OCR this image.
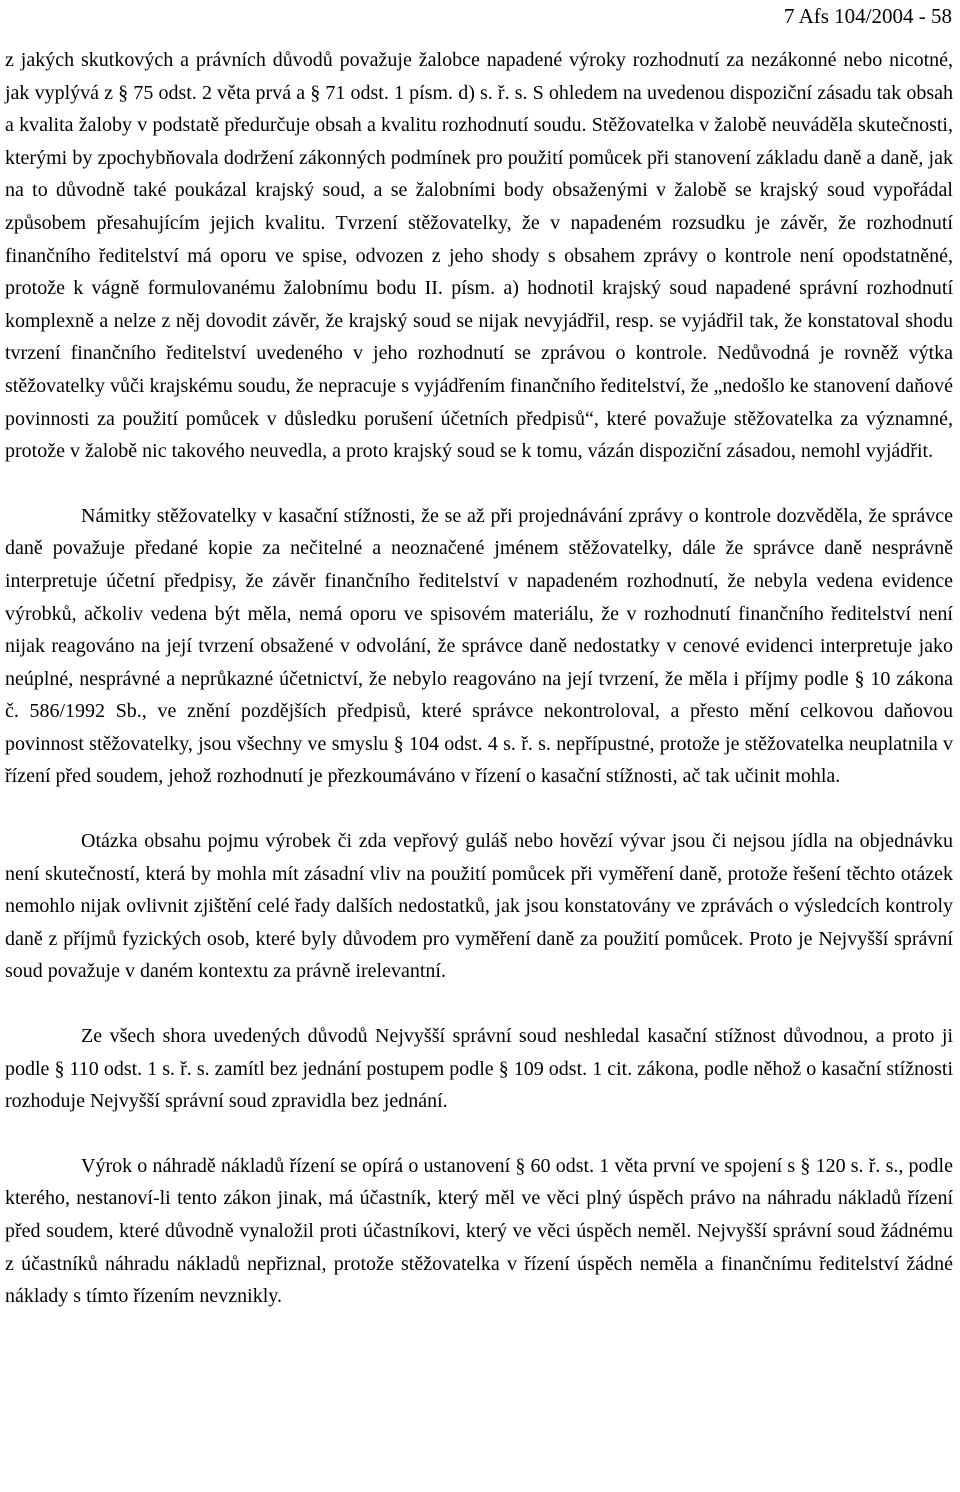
7 Afs 104/2004 - 58

z jakých skutkových a právních důvodů považuje žalobce napadené výroky rozhodnutí za nezákonné nebo nicotné, jak vyplývá z § 75 odst. 2 věta prvá a § 71 odst. 1 písm. d) s. ř. s. S ohledem na uvedenou dispoziční zásadu tak obsah a kvalita žaloby v podstatě předurčuje obsah a kvalitu rozhodnutí soudu. Stěžovatelka v žalobě neuváděla skutečnosti, kterými by zpochybňovala dodržení zákonných podmínek pro použití pomůcek při stanovení základu daně a daně, jak na to důvodně také poukázal krajský soud, a se žalobními body obsaženými v žalobě se krajský soud vypořádal způsobem přesahujícím jejich kvalitu. Tvrzení stěžovatelky, že v napadeném rozsudku je závěr, že rozhodnutí finančního ředitelství má oporu ve spise, odvozen z jeho shody s obsahem zprávy o kontrole není opodstatněné, protože k vágně formulovanému žalobnímu bodu II. písm. a) hodnotil krajský soud napadené správní rozhodnutí komplexně a nelze z něj dovodit závěr, že krajský soud se nijak nevyjádřil, resp. se vyjádřil tak, že konstatoval shodu tvrzení finančního ředitelství uvedeného v jeho rozhodnutí se zprávou o kontrole. Nedůvodná je rovněž výtka stěžovatelky vůči krajskému soudu, že nepracuje s vyjádřením finančního ředitelství, že „nedošlo ke stanovení daňové povinnosti za použití pomůcek v důsledku porušení účetních předpisů“, které považuje stěžovatelka za významné, protože v žalobě nic takového neuvedla, a proto krajský soud se k tomu, vázán dispoziční zásadou, nemohl vyjádřit.

Námitky stěžovatelky v kasační stížnosti, že se až při projednávání zprávy o kontrole dozvěděla, že správce daně považuje předané kopie za nečitelné a neoznačené jménem stěžovatelky, dále že správce daně nesprávně interpretuje účetní předpisy, že závěr finančního ředitelství v napadeném rozhodnutí, že nebyla vedena evidence výrobků, ačkoliv vedena být měla, nemá oporu ve spisovém materiálu, že v rozhodnutí finančního ředitelství není nijak reagováno na její tvrzení obsažené v odvolání, že správce daně nedostatky v cenové evidenci interpretuje jako neúplné, nesprávné a neprůkazné účetnictví, že nebylo reagováno na její tvrzení, že měla i příjmy podle § 10 zákona č. 586/1992 Sb., ve znění pozdějších předpisů, které správce nekontroloval, a přesto mění celkovou daňovou povinnost stěžovatelky, jsou všechny ve smyslu § 104 odst. 4 s. ř. s. nepřípustné, protože je stěžovatelka neuplatnila v řízení před soudem, jehož rozhodnutí je přezkoumáváno v řízení o kasační stížnosti, ač tak učinit mohla.

Otázka obsahu pojmu výrobek či zda vepřový guláš nebo hovězí vývar jsou či nejsou jídla na objednávku není skutečností, která by mohla mít zásadní vliv na použití pomůcek při vyměření daně, protože řešení těchto otázek nemohlo nijak ovlivnit zjištění celé řady dalších nedostatků, jak jsou konstatovány ve zprávách o výsledcích kontroly daně z příjmů fyzických osob, které byly důvodem pro vyměření daně za použití pomůcek. Proto je Nejvyšší správní soud považuje v daném kontextu za právně irelevantní.

Ze všech shora uvedených důvodů Nejvyšší správní soud neshledal kasační stížnost důvodnou, a proto ji podle § 110 odst. 1 s. ř. s. zamítl bez jednání postupem podle § 109 odst. 1 cit. zákona, podle něhož o kasační stížnosti rozhoduje Nejvyšší správní soud zpravidla bez jednání.

Výrok o náhradě nákladů řízení se opírá o ustanovení § 60 odst. 1 věta první ve spojení s § 120 s. ř. s., podle kterého, nestanoví-li tento zákon jinak, má účastník, který měl ve věci plný úspěch právo na náhradu nákladů řízení před soudem, které důvodně vynaložil proti účastníkovi, který ve věci úspěch neměl. Nejvyšší správní soud žádnému z účastníků náhradu nákladů nepřiznal, protože stěžovatelka v řízení úspěch neměla a finančnímu ředitelství žádné náklady s tímto řízením nevznikly.
